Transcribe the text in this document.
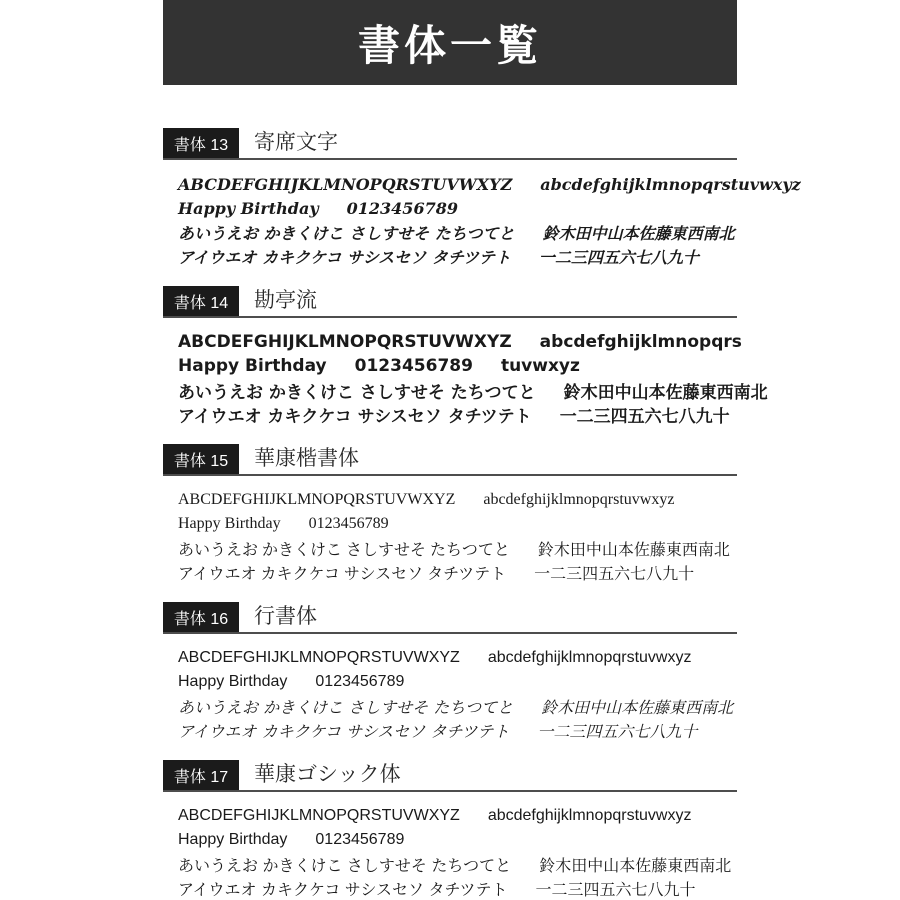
書体一覧
書体 13	寄席文字
ABCDEFGHIJKLMNOPQRSTUVWXYZ abcdefghijklmnopqrstuvwxyz
Happy Birthday 0123456789
あいうえお かきくけこ さしすせそ たちつてと 鈴木田中山本佐藤東西南北
アイウエオ カキクケコ サシスセソ タチツテト 一二三四五六七八九十
書体 14	勘亭流
ABCDEFGHIJKLMNOPQRSTUVWXYZ abcdefghijklmnopqrs
Happy Birthday 0123456789 tuvwxyz
あいうえお かきくけこ さしすせそ たちつてと 鈴木田中山本佐藤東西南北
アイウエオ カキクケコ サシスセソ タチツテト 一二三四五六七八九十
書体 15	華康楷書体
ABCDEFGHIJKLMNOPQRSTUVWXYZ abcdefghijklmnopqrstuvwxyz
Happy Birthday 0123456789
あいうえお かきくけこ さしすせそ たちつてと 鈴木田中山本佐藤東西南北
アイウエオ カキクケコ サシスセソ タチツテト 一二三四五六七八九十
書体 16	行書体
ABCDEFGHIJKLMNOPQRSTUVWXYZ abcdefghijklmnopqrstuvwxyz
Happy Birthday 0123456789
あいうえお かきくけこ さしすせそ たちつてと 鈴木田中山本佐藤東西南北
アイウエオ カキクケコ サシスセソ タチツテト 一二三四五六七八九十
書体 17	華康ゴシック体
ABCDEFGHIJKLMNOPQRSTUVWXYZ abcdefghijklmnopqrstuvwxyz
Happy Birthday 0123456789
あいうえお かきくけこ さしすせそ たちつてと 鈴木田中山本佐藤東西南北
アイウエオ カキクケコ サシスセソ タチツテト 一二三四五六七八九十
